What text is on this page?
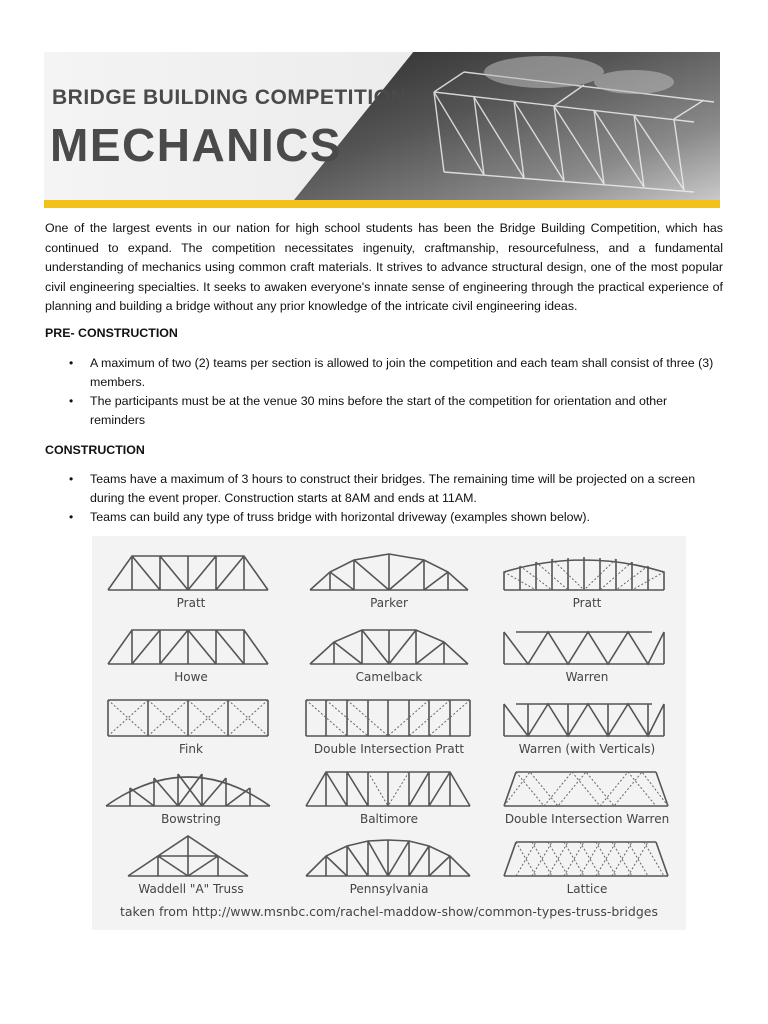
BRIDGE BUILDING COMPETITION
MECHANICS

One of the largest events in our nation for high school students has been the Bridge Building Competition, which has continued to expand. The competition necessitates ingenuity, craftmanship, resourcefulness, and a fundamental understanding of mechanics using common craft materials. It strives to advance structural design, one of the most popular civil engineering specialties. It seeks to awaken everyone's innate sense of engineering through the practical experience of planning and building a bridge without any prior knowledge of the intricate civil engineering ideas.

PRE- CONSTRUCTION

• A maximum of two (2) teams per section is allowed to join the competition and each team shall consist of three (3) members.
• The participants must be at the venue 30 mins before the start of the competition for orientation and other reminders

CONSTRUCTION

• Teams have a maximum of 3 hours to construct their bridges. The remaining time will be projected on a screen during the event proper. Construction starts at 8AM and ends at 11AM.
• Teams can build any type of truss bridge with horizontal driveway (examples shown below).
Pratt	Parker	Pratt
Howe	Camelback	Warren
Fink	Double Intersection Pratt	Warren (with Verticals)
Bowstring	Baltimore	Double Intersection Warren
Waddell "A" Truss	Pennsylvania	Lattice
taken from http://www.msnbc.com/rachel-maddow-show/common-types-truss-bridges
